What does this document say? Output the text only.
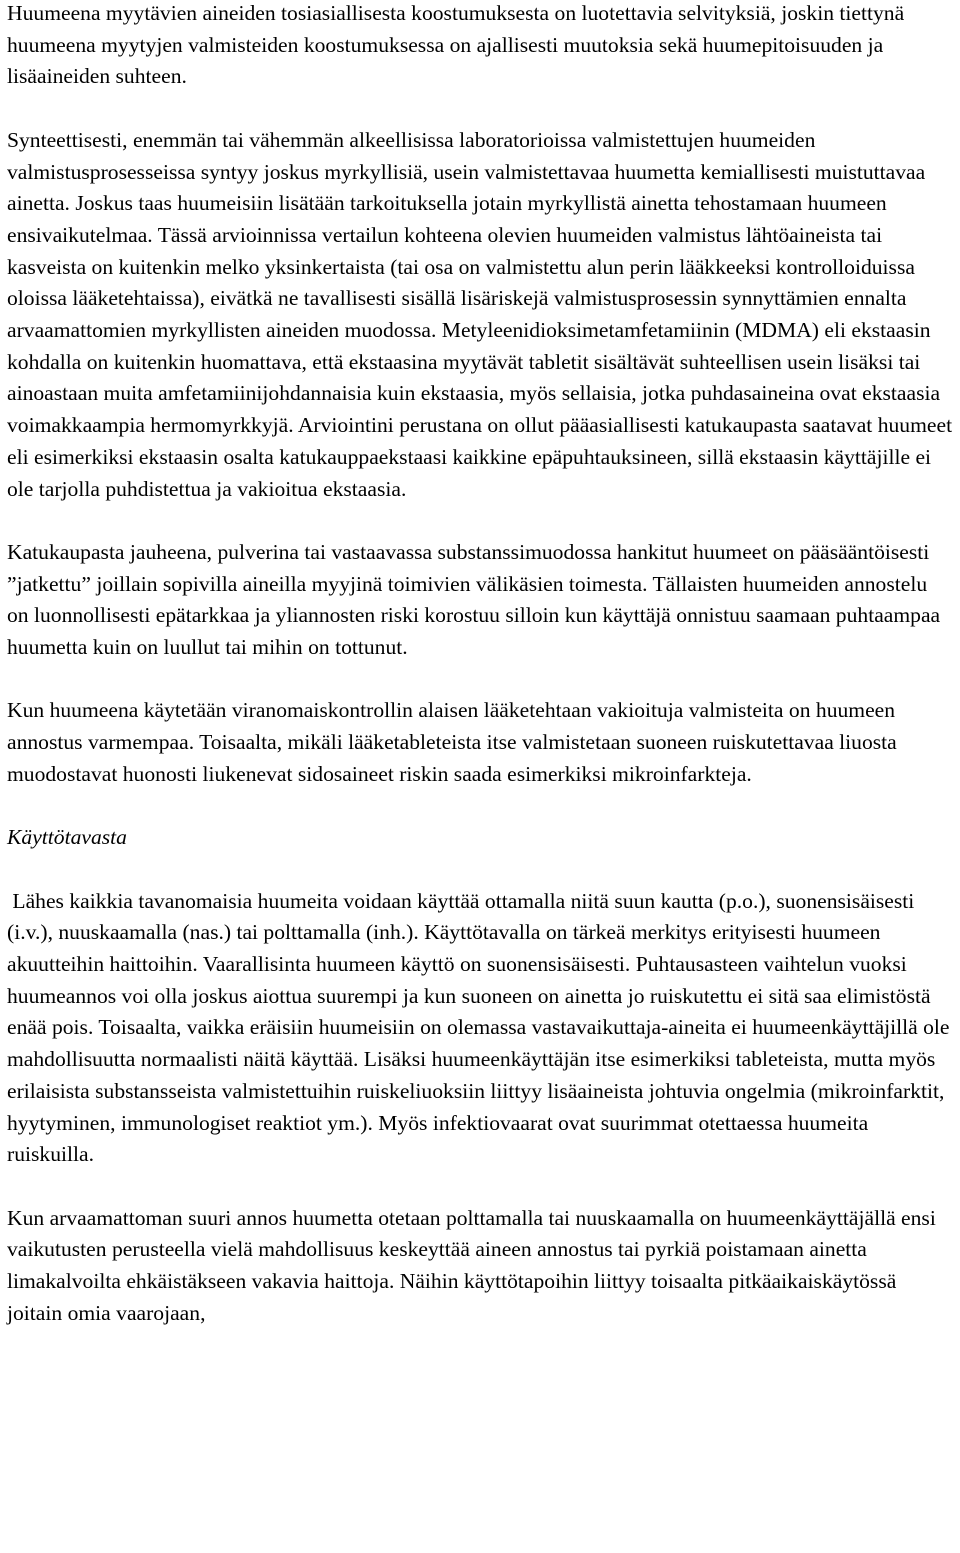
Huumeena myytävien aineiden tosiasiallisesta koostumuksesta on luotettavia selvityksiä, joskin tiettynä huumeena myytyjen valmisteiden koostumuksessa on ajallisesti muutoksia sekä huumepitoisuuden ja lisäaineiden suhteen.

Synteettisesti, enemmän tai vähemmän alkeellisissa laboratorioissa valmistettujen huumeiden valmistusprosesseissa syntyy joskus myrkyllisiä, usein valmistettavaa huumetta kemiallisesti muistuttavaa ainetta. Joskus taas huumeisiin lisätään tarkoituksella jotain myrkyllistä ainetta tehostamaan huumeen ensivaikutelmaa. Tässä arvioinnissa vertailun kohteena olevien huumeiden valmistus lähtöaineista tai kasveista on kuitenkin melko yksinkertaista (tai osa on valmistettu alun perin lääkkeeksi kontrolloiduissa oloissa lääketehtaissa), eivätkä ne tavallisesti sisällä lisäriskejä valmistusprosessin synnyttämien ennalta arvaamattomien myrkyllisten aineiden muodossa. Metyleenidioksimetamfetamiinin (MDMA) eli ekstaasin kohdalla on kuitenkin huomattava, että ekstaasina myytävät tabletit sisältävät suhteellisen usein lisäksi tai ainoastaan muita amfetamiinijohdannaisia kuin ekstaasia, myös sellaisia, jotka puhdasaineina ovat ekstaasia voimakkaampia hermomyrkkyjä. Arviointini perustana on ollut pääasiallisesti katukaupasta saatavat huumeet eli esimerkiksi ekstaasin osalta katukauppaekstaasi kaikkine epäpuhtauksineen, sillä ekstaasin käyttäjille ei ole tarjolla puhdistettua ja vakioitua ekstaasia.

Katukaupasta jauheena, pulverina tai vastaavassa substanssimuodossa hankitut huumeet on pääsääntöisesti ”jatkettu” joillain sopivilla aineilla myyjinä toimivien välikäsien toimesta. Tällaisten huumeiden annostelu on luonnollisesti epätarkkaa ja yliannosten riski korostuu silloin kun käyttäjä onnistuu saamaan puhtaampaa huumetta kuin on luullut tai mihin on tottunut.

Kun huumeena käytetään viranomaiskontrollin alaisen lääketehtaan vakioituja valmisteita on huumeen annostus varmempaa. Toisaalta, mikäli lääketableteista itse valmistetaan suoneen ruiskutettavaa liuosta muodostavat huonosti liukenevat sidosaineet riskin saada esimerkiksi mikroinfarkteja.

Käyttötavasta

Lähes kaikkia tavanomaisia huumeita voidaan käyttää ottamalla niitä suun kautta (p.o.), suonensisäisesti (i.v.), nuuskaamalla (nas.) tai polttamalla (inh.). Käyttötavalla on tärkeä merkitys erityisesti huumeen akuutteihin haittoihin. Vaarallisinta huumeen käyttö on suonensisäisesti. Puhtausasteen vaihtelun vuoksi huumeannos voi olla joskus aiottua suurempi ja kun suoneen on ainetta jo ruiskutettu ei sitä saa elimistöstä enää pois. Toisaalta, vaikka eräisiin huumeisiin on olemassa vastavaikuttaja-aineita ei huumeenkäyttäjillä ole mahdollisuutta normaalisti näitä käyttää. Lisäksi huumeenkäyttäjän itse esimerkiksi tableteista, mutta myös erilaisista substansseista valmistettuihin ruiskeliuoksiin liittyy lisäaineista johtuvia ongelmia (mikroinfarktit, hyytyminen, immunologiset reaktiot ym.). Myös infektiovaarat ovat suurimmat otettaessa huumeita ruiskuilla.

Kun arvaamattoman suuri annos huumetta otetaan polttamalla tai nuuskaamalla on huumeenkäyttäjällä ensi vaikutusten perusteella vielä mahdollisuus keskeyttää aineen annostus tai pyrkiä poistamaan ainetta limakalvoilta ehkäistäkseen vakavia haittoja. Näihin käyttötapoihin liittyy toisaalta pitkäaikaiskäytössä joitain omia vaarojaan,
